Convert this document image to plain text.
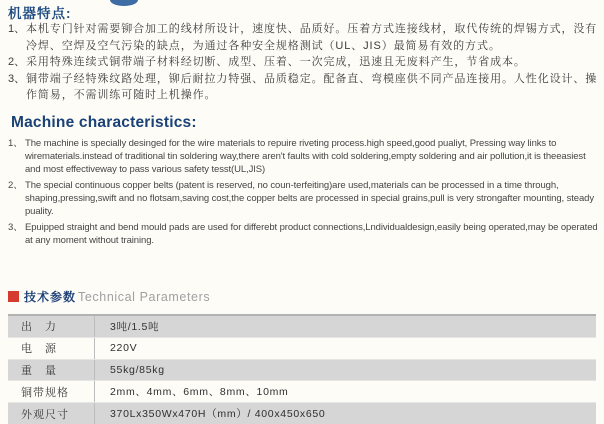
机器特点:
1、 本机专门针对需要铆合加工的线材所设计，速度快、品质好。压着方式连接线材，取代传统的焊锡方式，没有冷焊、空焊及空气污染的缺点，为通过各种安全规格测试（UL、JIS）最简易有效的方式。
2、 采用特殊连续式铜带端子材料经切断、成型、压着、一次完成，迅速且无废料产生，节省成本。
3、 铜带端子经特殊纹路处理，铆后耐拉力特强、品质稳定。配备直、弯模座供不同产品连接用。人性化设计、操作简易，不需训练可随时上机操作。
Machine characteristics:
1、 The machine is specially desinged for the wire materials to repuire riveting process.high speed,good pualiyt, Pressing way links to wirematerials.instead of traditional tin soldering way,there aren't faults with cold soldering,empty soldering and air pollution,it is theeasiest and most effectiveway to pass various safety tesst(UL,JIS)
2、 The special continuous copper belts (patent is reserved, no coun-terfeiting)are used,materials can be processed in a time through, shaping,pressing,swift and no flotsam,saving cost,the copper belts are processed in special grains,pull is very strongafter mounting, steady puality.
3、 Epuipped straight and bend mould pads are used for differebt product connections,Lndividualdesign,easily being operated,may be operated at any moment without training.
技术参数 Technical Parameters
出　力	3吨/1.5吨
电　源	220V
重　量	55kg/85kg
铜带规格	2mm、4mm、6mm、8mm、10mm
外观尺寸	370Lx350Wx470H（mm）/ 400x450x650
